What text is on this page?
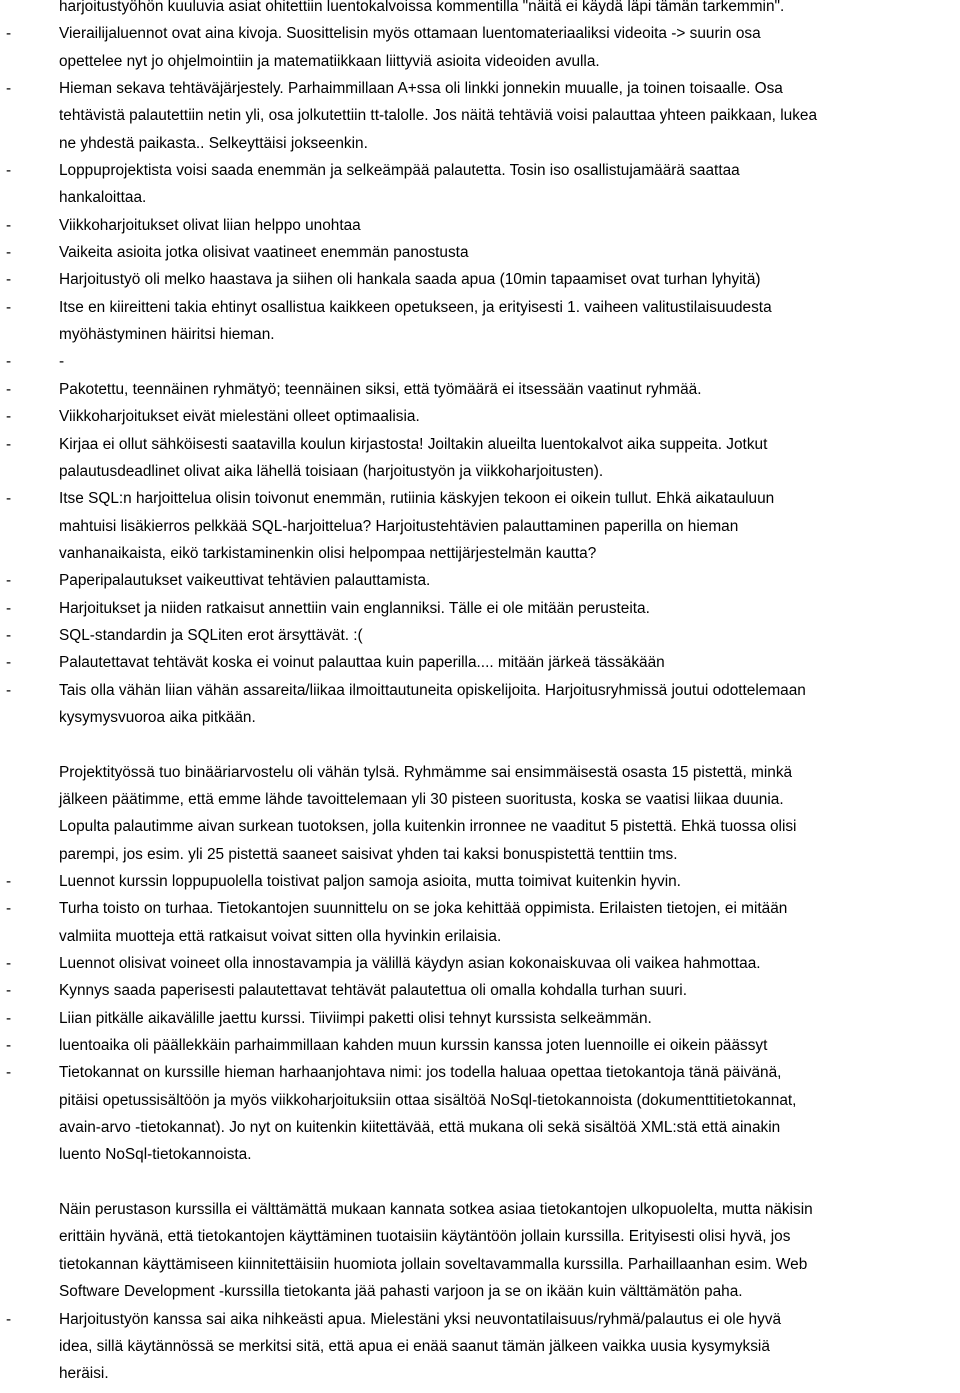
harjoitustyöhön kuuluvia asiat ohitettiin luentokalvoissa kommentilla "näitä ei käydä läpi tämän tarkemmin".
-	Vierailijaluennot ovat aina kivoja. Suosittelisin myös ottamaan luentomateriaaliksi videoita -> suurin osa
opettelee nyt jo ohjelmointiin ja matematiikkaan liittyviä asioita videoiden avulla.
-	Hieman sekava tehtäväjärjestely. Parhaimmillaan A+ssa oli linkki jonnekin muualle, ja toinen toisaalle. Osa
tehtävistä palautettiin netin yli, osa jolkutettiin tt-talolle. Jos näitä tehtäviä voisi palauttaa yhteen paikkaan, lukea
ne yhdestä paikasta.. Selkeyttäisi jokseenkin.
-	Loppuprojektista voisi saada enemmän ja selkeämpää palautetta. Tosin iso osallistujamäärä saattaa
hankaloittaa.
-	Viikkoharjoitukset olivat liian helppo unohtaa
-	Vaikeita asioita jotka olisivat vaatineet enemmän panostusta
-	Harjoitustyö oli melko haastava ja siihen oli hankala saada apua (10min tapaamiset ovat turhan lyhyitä)
-	Itse en kiireitteni takia ehtinyt osallistua kaikkeen opetukseen, ja erityisesti 1. vaiheen valitustilaisuudesta
myöhästyminen häiritsi hieman.
-	-
-	Pakotettu, teennäinen ryhmätyö; teennäinen siksi, että työmäärä ei itsessään vaatinut ryhmää.
-	Viikkoharjoitukset eivät mielestäni olleet optimaalisia.
-	Kirjaa ei ollut sähköisesti saatavilla koulun kirjastosta! Joiltakin alueilta luentokalvot aika suppeita. Jotkut
palautusdeadlinet olivat aika lähellä toisiaan (harjoitustyön ja viikkoharjoitusten).
-	Itse SQL:n harjoittelua olisin toivonut enemmän, rutiinia käskyjen tekoon ei oikein tullut. Ehkä aikatauluun
mahtuisi lisäkierros pelkkää SQL-harjoittelua? Harjoitustehtävien palauttaminen paperilla on hieman
vanhanaikaista, eikö tarkistaminenkin olisi helpompaa nettijärjestelmän kautta?
-	Paperipalautukset vaikeuttivat tehtävien palauttamista.
-	Harjoitukset ja niiden ratkaisut annettiin vain englanniksi. Tälle ei ole mitään perusteita.
-	SQL-standardin ja SQLiten erot ärsyttävät. :(
-	Palautettavat tehtävät koska ei voinut palauttaa kuin paperilla.... mitään järkeä tässäkään
-	Tais olla vähän liian vähän assareita/liikaa ilmoittautuneita opiskelijoita. Harjoitusryhmissä joutui odottelemaan
kysymysvuoroa aika pitkään.
Projektityössä tuo binääriarvostelu oli vähän tylsä. Ryhmämme sai ensimmäisestä osasta 15 pistettä, minkä
jälkeen päätimme, että emme lähde tavoittelemaan yli 30 pisteen suoritusta, koska se vaatisi liikaa duunia.
Lopulta palautimme aivan surkean tuotoksen, jolla kuitenkin irronnee ne vaaditut 5 pistettä. Ehkä tuossa olisi
parempi, jos esim. yli 25 pistettä saaneet saisivat yhden tai kaksi bonuspistettä tenttiin tms.
-	Luennot kurssin loppupuolella toistivat paljon samoja asioita, mutta toimivat kuitenkin hyvin.
-	Turha toisto on turhaa. Tietokantojen suunnittelu on se joka kehittää oppimista. Erilaisten tietojen, ei mitään
valmiita muotteja että ratkaisut voivat sitten olla hyvinkin erilaisia.
-	Luennot olisivat voineet olla innostavampia ja välillä käydyn asian kokonaiskuvaa oli vaikea hahmottaa.
-	Kynnys saada paperisesti palautettavat tehtävät palautettua oli omalla kohdalla turhan suuri.
-	Liian pitkälle aikavälille jaettu kurssi. Tiiviimpi paketti olisi tehnyt kurssista selkeämmän.
-	luentoaika oli päällekkäin parhaimmillaan kahden muun kurssin kanssa joten luennoille ei oikein päässyt
-	Tietokannat on kurssille hieman harhaanjohtava nimi: jos todella haluaa opettaa tietokantoja tänä päivänä,
pitäisi opetussisältöön ja myös viikkoharjoituksiin ottaa sisältöä NoSql-tietokannoista (dokumenttitietokannat,
avain-arvo -tietokannat). Jo nyt on kuitenkin kiitettävää, että mukana oli sekä sisältöä XML:stä että ainakin
luento NoSql-tietokannoista.
Näin perustason kurssilla ei välttämättä mukaan kannata sotkea asiaa tietokantojen ulkopuolelta, mutta näkisin
erittäin hyvänä, että tietokantojen käyttäminen tuotaisiin käytäntöön jollain kurssilla. Erityisesti olisi hyvä, jos
tietokannan käyttämiseen kiinnitettäisiin huomiota jollain soveltavammalla kurssilla. Parhaillaanhan esim. Web
Software Development -kurssilla tietokanta jää pahasti varjoon ja se on ikään kuin välttämätön paha.
-	Harjoitustyön kanssa sai aika nihkeästi apua. Mielestäni yksi neuvontatilaisuus/ryhmä/palautus ei ole hyvä
idea, sillä käytännössä se merkitsi sitä, että apua ei enää saanut tämän jälkeen vaikka uusia kysymyksiä
heräisi.
